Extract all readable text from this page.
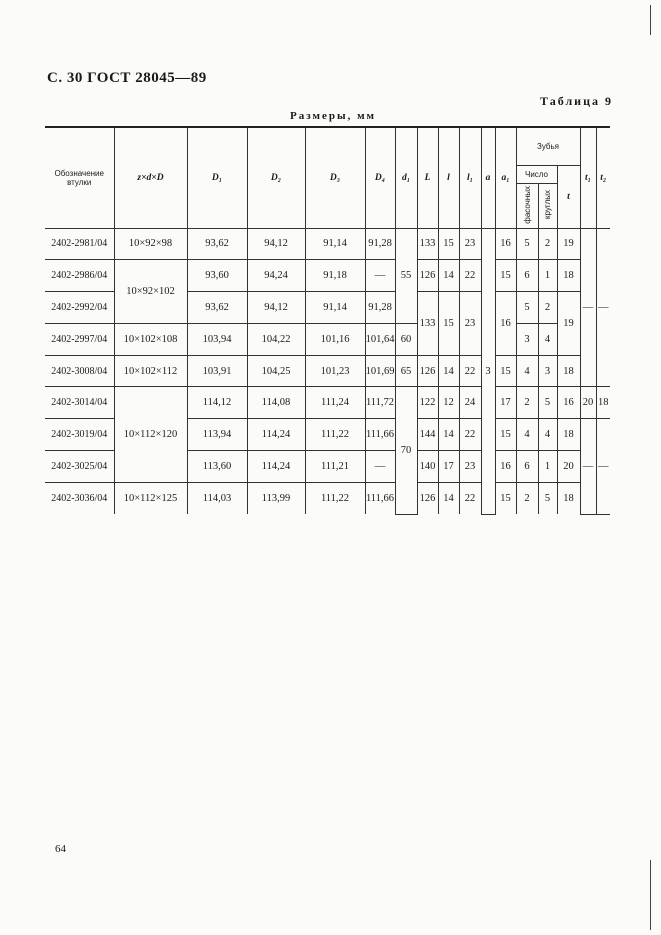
С. 30 ГОСТ 28045—89
Таблица 9
Размеры, мм
Обозначение втулки	z×d×D	D₁	D₂	D₃	D₄	d₁	L	l	l₁	a	a₁	Зубья			t₁	t₂
												Число		t		
												фасочных	круглых			
2402-2981/04	10×92×98	93,62	94,12	91,14	91,28	55	133	15	23	3	16	5	2	19	—	—
2402-2986/04	10×92×102	93,60	94,24	91,18	—		126	14	22		15	6	1	18		
2402-2992/04		93,62	94,12	91,14	91,28		133	15	23		16	5	2	19		
2402-2997/04	10×102×108	103,94	104,22	101,16	101,64	60						3	4			
2402-3008/04	10×102×112	103,91	104,25	101,23	101,69	65	126	14	22		15	4	3	18		
2402-3014/04	10×112×120	114,12	114,08	111,24	111,72	70	122	12	24		17	2	5	16	20	18
2402-3019/04		113,94	114,24	111,22	111,66		144	14	22		15	4	4	18	—	—
2402-3025/04		113,60	114,24	111,21	—		140	17	23		16	6	1	20		
2402-3036/04	10×112×125	114,03	113,99	111,22	111,66		126	14	22		15	2	5	18		
64
